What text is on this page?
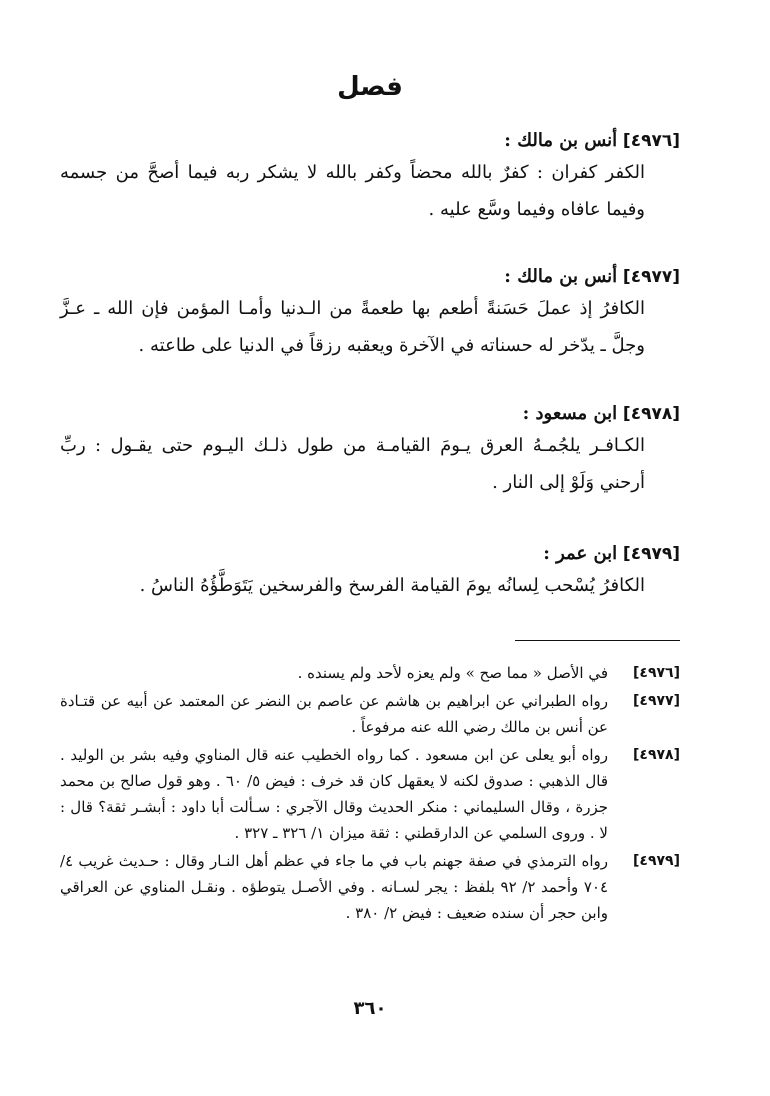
فصل
[٤٩٧٦] أنس بن مالك :
الكفر كفران : كفرٌ بالله محضاً وكفر بالله لا يشكر ربه فيما أصحَّ من جسمه وفيما عافاه وفيما وسَّع عليه .
[٤٩٧٧] أنس بن مالك :
الكافرُ إذ عملَ حَسَنةً أطعم بها طعمةً من الـدنيا وأمـا المؤمن فإن الله ـ عـزَّ وجلَّ ـ يدّخر له حسناته في الآخرة ويعقبه رزقاً في الدنيا على طاعته .
[٤٩٧٨] ابن مسعود :
الكـافـر يلجُمـهُ العرق يـومَ القيامـة من طول ذلـك اليـوم حتى يقـول : ربِّ أرحني وَلَوْ إلى النار .
[٤٩٧٩] ابن عمر :
الكافرُ يُسْحب لِسانُه يومَ القيامة الفرسخ والفرسخين يَتَوَطَّؤُهُ الناسُ .
[٤٩٧٦]
في الأصل « مما صح » ولم يعزه لأحد ولم يسنده .
[٤٩٧٧]
رواه الطبراني عن ابراهيم بن هاشم عن عاصم بن النضر عن المعتمد عن أبيه عن قتـادة عن أنس بن مالك رضي الله عنه مرفوعاً .
[٤٩٧٨]
رواه أبو يعلى عن ابن مسعود . كما رواه الخطيب عنه قال المناوي وفيه بشر بن الوليد . قال الذهبي : صدوق لكنه لا يعقهل كان قد خرف : فيض ٥/ ٦٠ . وهو قول صالح بن محمد جزرة ، وقال السليماني : منكر الحديث وقال الآجري : سـألت أبا داود : أبشـر ثقة؟ قال : لا . وروى السلمي عن الدارقطني : ثقة ميزان ١/ ٣٢٦ ـ ٣٢٧ .
[٤٩٧٩]
رواه الترمذي في صفة جهنم باب في ما جاء في عظم أهل النـار وقال : حـديث غريب ٤/ ٧٠٤ وأحمد ٢/ ٩٢ بلفظ : يجر لسـانه . وفي الأصـل يتوطؤه . ونقـل المناوي عن العراقي وابن حجر أن سنده ضعيف : فيض ٢/ ٣٨٠ .
٣٦٠
